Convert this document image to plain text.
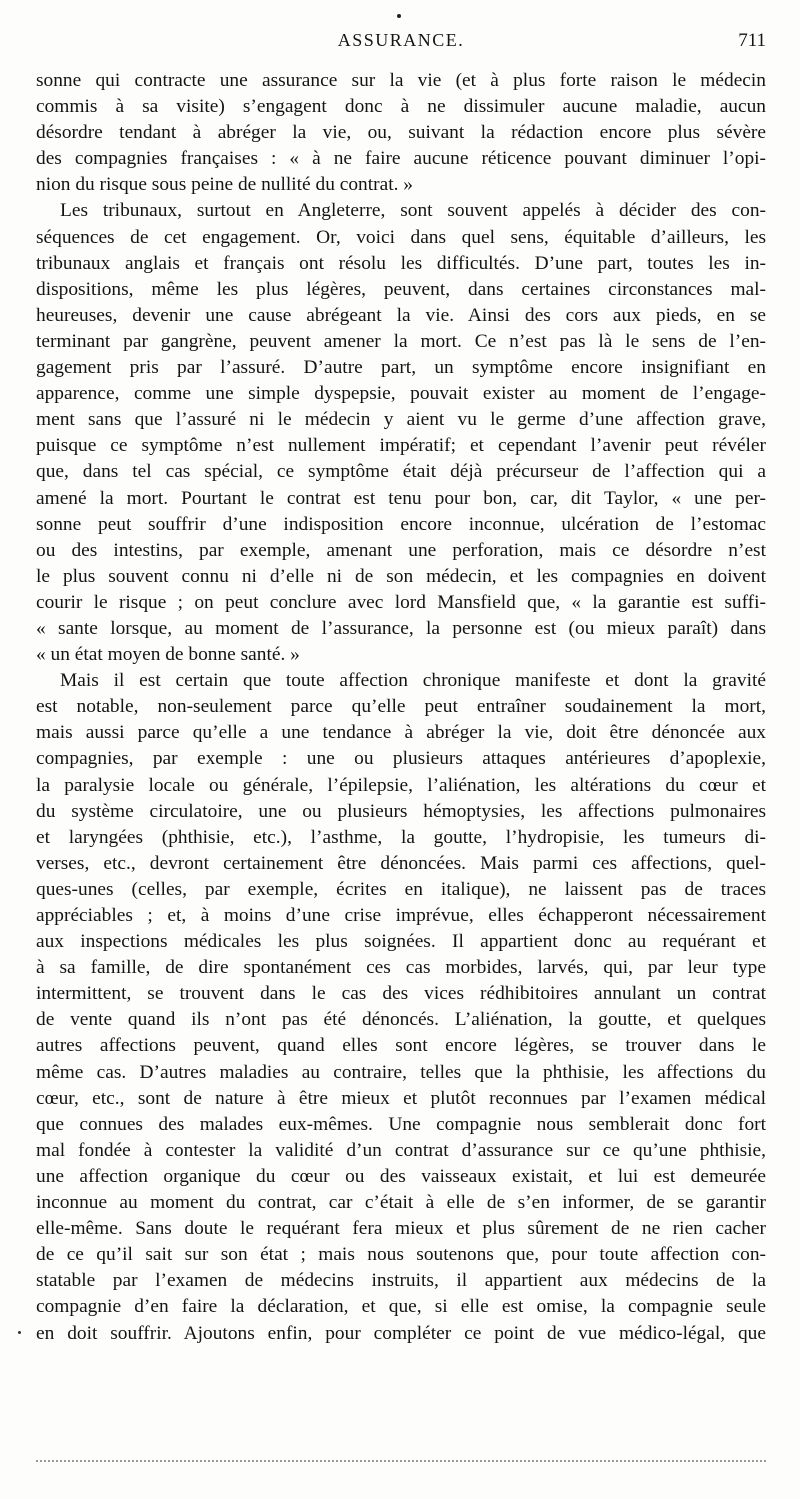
ASSURANCE.	711
sonne qui contracte une assurance sur la vie (et à plus forte raison le médecin
commis à sa visite) s’engagent donc à ne dissimuler aucune maladie, aucun
désordre tendant à abréger la vie, ou, suivant la rédaction encore plus sévère
des compagnies françaises : « à ne faire aucune réticence pouvant diminuer l’opi-
nion du risque sous peine de nullité du contrat. »
Les tribunaux, surtout en Angleterre, sont souvent appelés à décider des con-
séquences de cet engagement. Or, voici dans quel sens, équitable d’ailleurs, les
tribunaux anglais et français ont résolu les difficultés. D’une part, toutes les in-
dispositions, même les plus légères, peuvent, dans certaines circonstances mal-
heureuses, devenir une cause abrégeant la vie. Ainsi des cors aux pieds, en se
terminant par gangrène, peuvent amener la mort. Ce n’est pas là le sens de l’en-
gagement pris par l’assuré. D’autre part, un symptôme encore insignifiant en
apparence, comme une simple dyspepsie, pouvait exister au moment de l’engage-
ment sans que l’assuré ni le médecin y aient vu le germe d’une affection grave,
puisque ce symptôme n’est nullement impératif; et cependant l’avenir peut révéler
que, dans tel cas spécial, ce symptôme était déjà précurseur de l’affection qui a
amené la mort. Pourtant le contrat est tenu pour bon, car, dit Taylor, « une per-
sonne peut souffrir d’une indisposition encore inconnue, ulcération de l’estomac
ou des intestins, par exemple, amenant une perforation, mais ce désordre n’est
le plus souvent connu ni d’elle ni de son médecin, et les compagnies en doivent
courir le risque ; on peut conclure avec lord Mansfield que, « la garantie est suffi-
« sante lorsque, au moment de l’assurance, la personne est (ou mieux paraît) dans
« un état moyen de bonne santé. »
Mais il est certain que toute affection chronique manifeste et dont la gravité
est notable, non-seulement parce qu’elle peut entraîner soudainement la mort,
mais aussi parce qu’elle a une tendance à abréger la vie, doit être dénoncée aux
compagnies, par exemple : une ou plusieurs attaques antérieures d’apoplexie,
la paralysie locale ou générale, l’épilepsie, l’aliénation, les altérations du cœur et
du système circulatoire, une ou plusieurs hémoptysies, les affections pulmonaires
et laryngées (phthisie, etc.), l’asthme, la goutte, l’hydropisie, les tumeurs di-
verses, etc., devront certainement être dénoncées. Mais parmi ces affections, quel-
ques-unes (celles, par exemple, écrites en italique), ne laissent pas de traces
appréciables ; et, à moins d’une crise imprévue, elles échapperont nécessairement
aux inspections médicales les plus soignées. Il appartient donc au requérant et
à sa famille, de dire spontanément ces cas morbides, larvés, qui, par leur type
intermittent, se trouvent dans le cas des vices rédhibitoires annulant un contrat
de vente quand ils n’ont pas été dénoncés. L’aliénation, la goutte, et quelques
autres affections peuvent, quand elles sont encore légères, se trouver dans le
même cas. D’autres maladies au contraire, telles que la phthisie, les affections du
cœur, etc., sont de nature à être mieux et plutôt reconnues par l’examen médical
que connues des malades eux-mêmes. Une compagnie nous semblerait donc fort
mal fondée à contester la validité d’un contrat d’assurance sur ce qu’une phthisie,
une affection organique du cœur ou des vaisseaux existait, et lui est demeurée
inconnue au moment du contrat, car c’était à elle de s’en informer, de se garantir
elle-même. Sans doute le requérant fera mieux et plus sûrement de ne rien cacher
de ce qu’il sait sur son état ; mais nous soutenons que, pour toute affection con-
statable par l’examen de médecins instruits, il appartient aux médecins de la
compagnie d’en faire la déclaration, et que, si elle est omise, la compagnie seule
en doit souffrir. Ajoutons enfin, pour compléter ce point de vue médico-légal, que
